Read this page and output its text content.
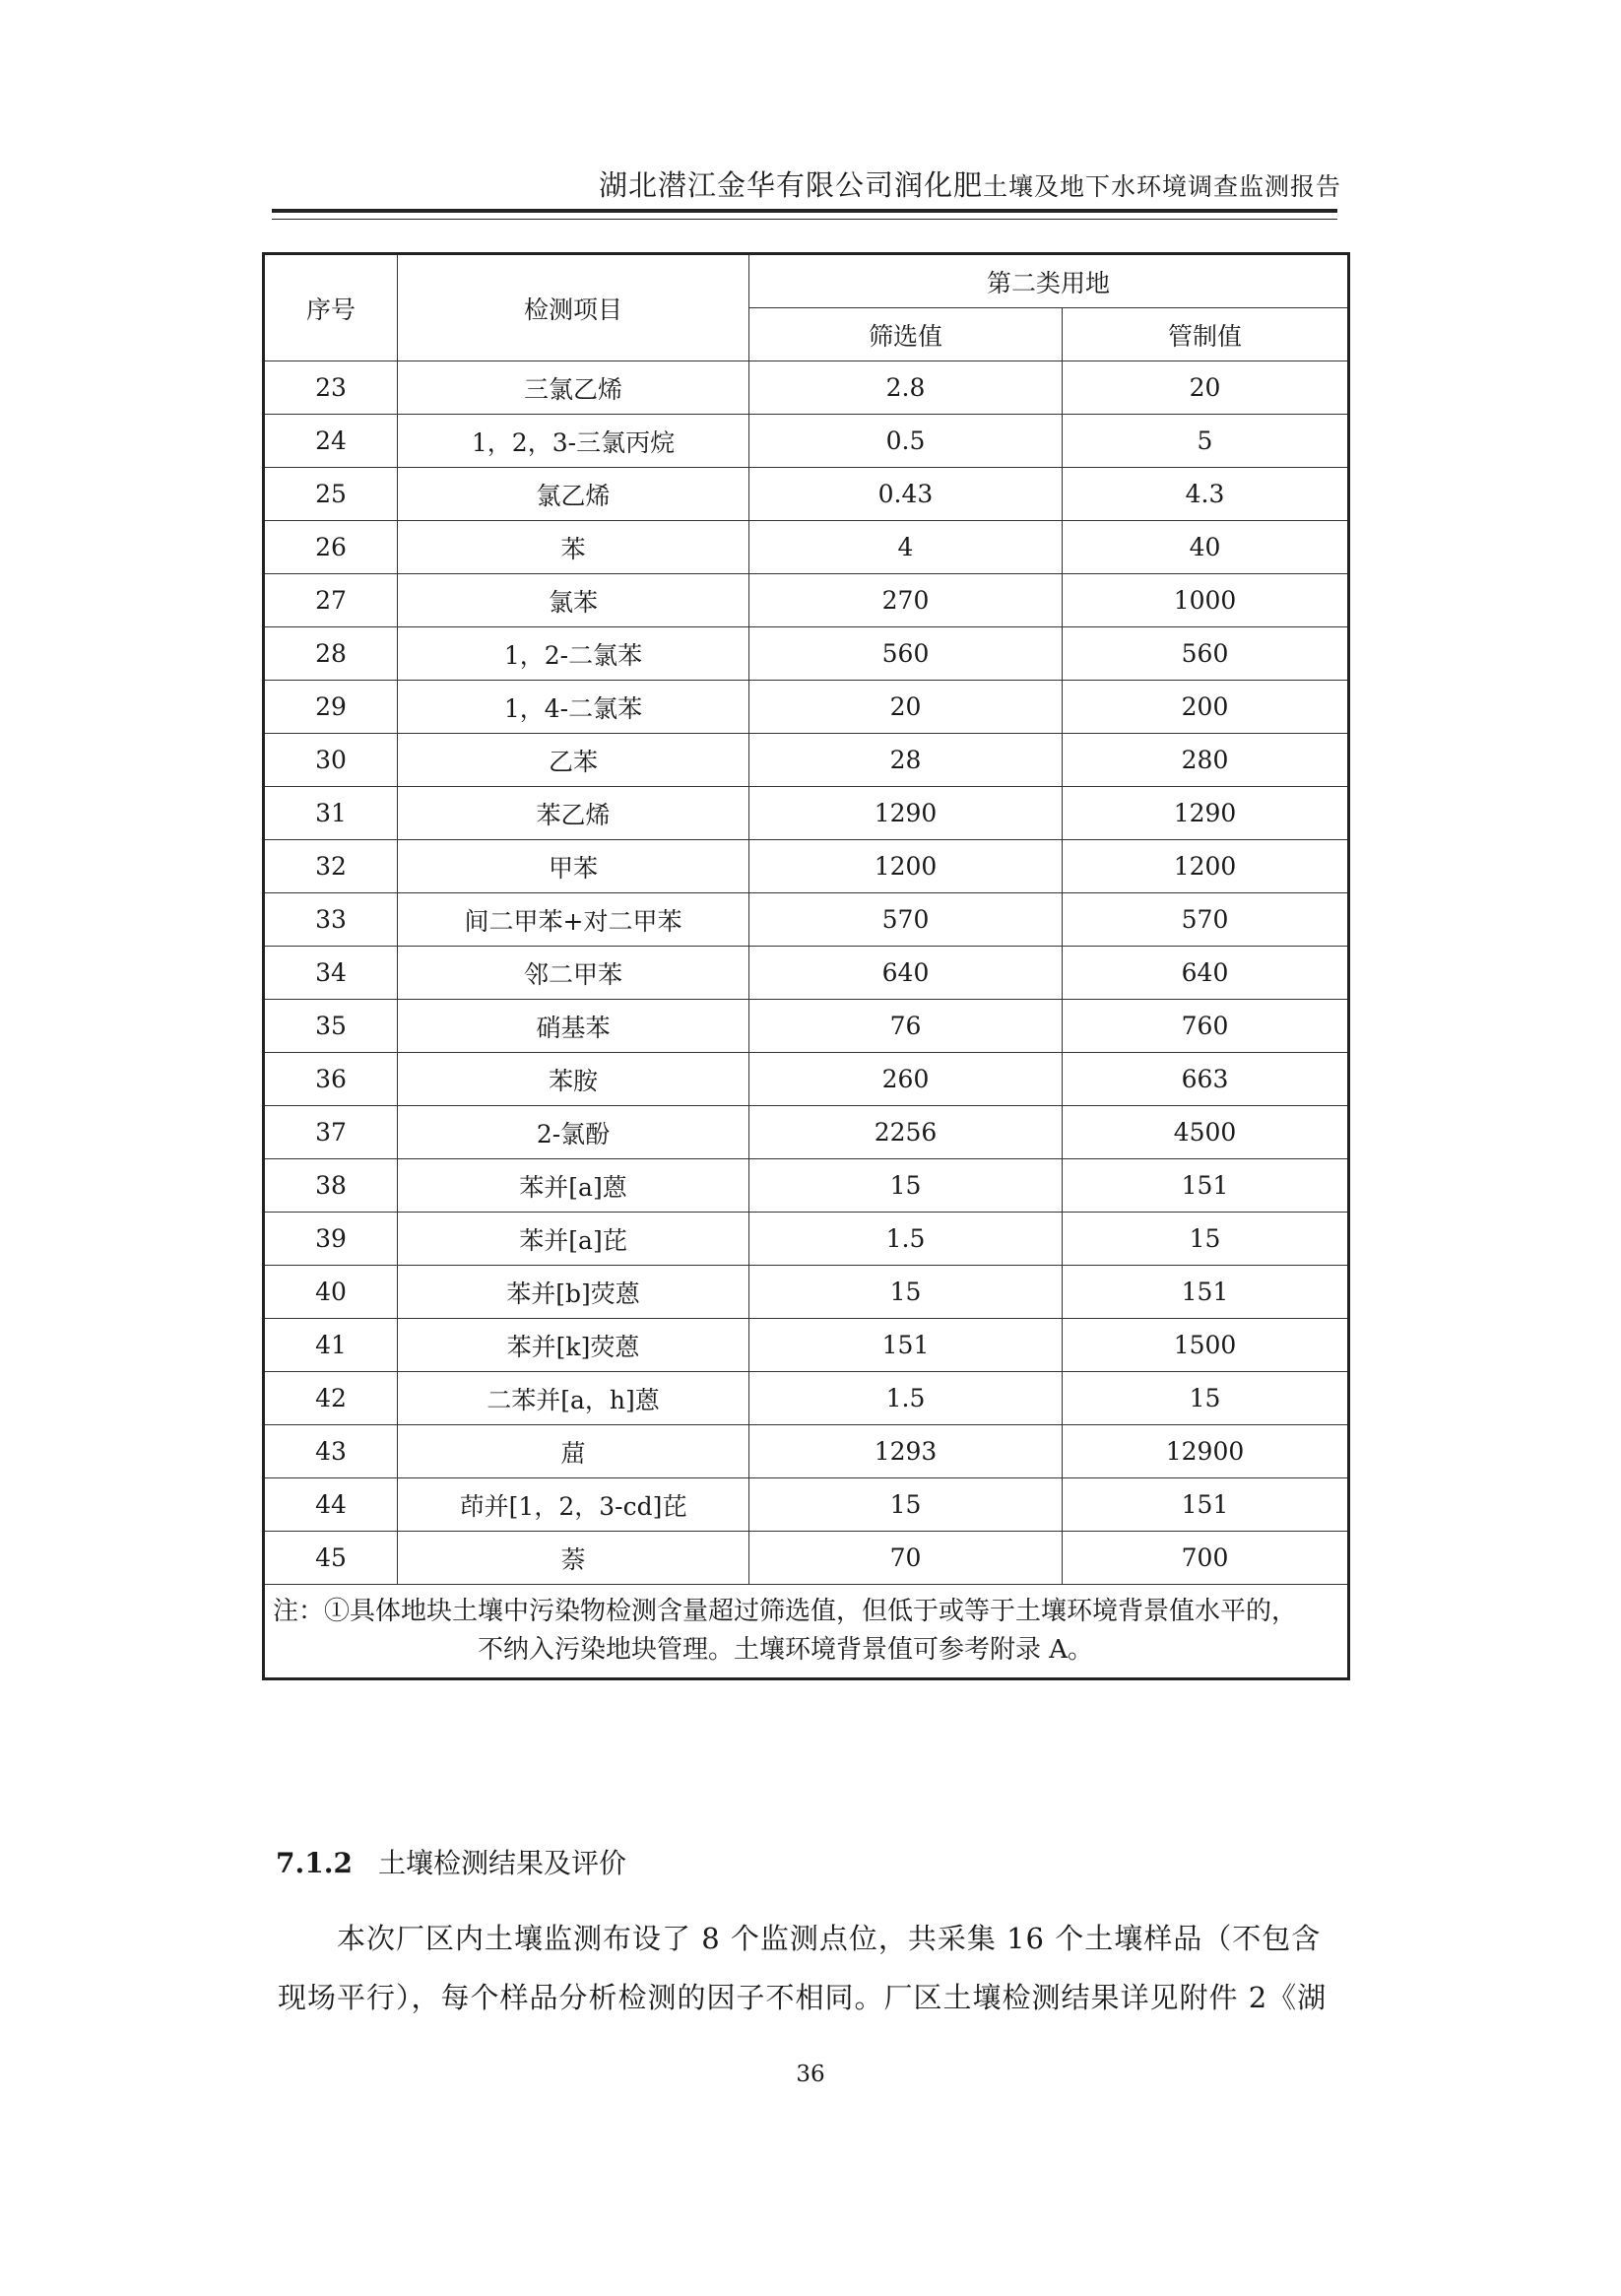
湖北潜江金华有限公司润化肥土壤及地下水环境调查监测报告
序号	检测项目	第二类用地	
		筛选值	管制值
23	三氯乙烯	2.8	20
24	1，2，3-三氯丙烷	0.5	5
25	氯乙烯	0.43	4.3
26	苯	4	40
27	氯苯	270	1000
28	1，2-二氯苯	560	560
29	1，4-二氯苯	20	200
30	乙苯	28	280
31	苯乙烯	1290	1290
32	甲苯	1200	1200
33	间二甲苯+对二甲苯	570	570
34	邻二甲苯	640	640
35	硝基苯	76	760
36	苯胺	260	663
37	2-氯酚	2256	4500
38	苯并[a]蒽	15	151
39	苯并[a]芘	1.5	15
40	苯并[b]荧蒽	15	151
41	苯并[k]荧蒽	151	1500
42	二苯并[a，h]蒽	1.5	15
43	䓛	1293	12900
44	茚并[1，2，3-cd]芘	15	151
45	萘	70	700
注：①具体地块土壤中污染物检测含量超过筛选值，但低于或等于土壤环境背景值水平的，
不纳入污染地块管理。土壤环境背景值可参考附录 A。			
7.1.2 土壤检测结果及评价
本次厂区内土壤监测布设了 8 个监测点位，共采集 16 个土壤样品（不包含现场平行），每个样品分析检测的因子不相同。厂区土壤检测结果详见附件 2《湖
36
